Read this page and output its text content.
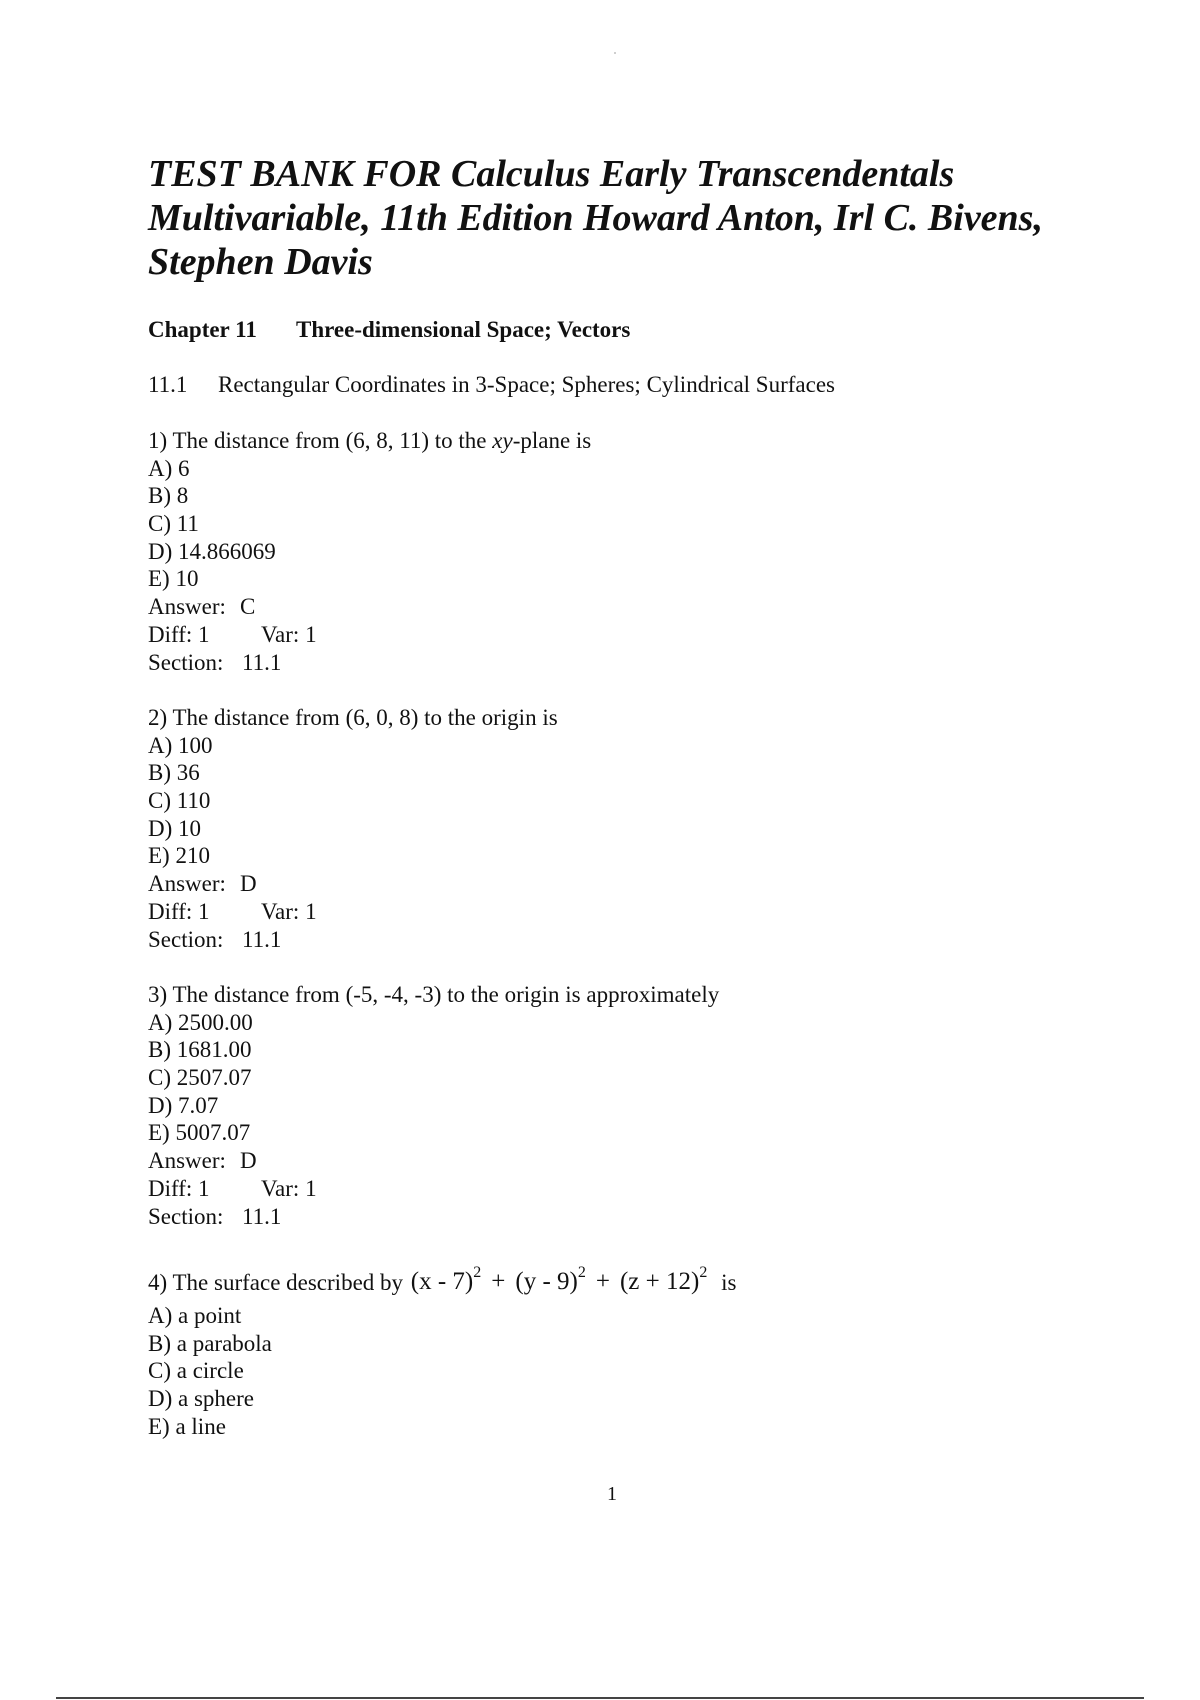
TEST BANK FOR Calculus Early Transcendentals Multivariable, 11th Edition Howard Anton, Irl C. Bivens, Stephen Davis
Chapter 11 Three-dimensional Space; Vectors
11.1 Rectangular Coordinates in 3-Space; Spheres; Cylindrical Surfaces
1) The distance from (6, 8, 11) to the xy-plane is
A) 6
B) 8
C) 11
D) 14.866069
E) 10
Answer: C
Diff: 1 Var: 1
Section: 11.1
2) The distance from (6, 0, 8) to the origin is
A) 100
B) 36
C) 110
D) 10
E) 210
Answer: D
Diff: 1 Var: 1
Section: 11.1
3) The distance from (-5, -4, -3) to the origin is approximately
A) 2500.00
B) 1681.00
C) 2507.07
D) 7.07
E) 5007.07
Answer: D
Diff: 1 Var: 1
Section: 11.1
4) The surface described by $(x - 7)^2 + (y - 9)^2 + (z + 12)^2$ is
A) a point
B) a parabola
C) a circle
D) a sphere
E) a line
1
